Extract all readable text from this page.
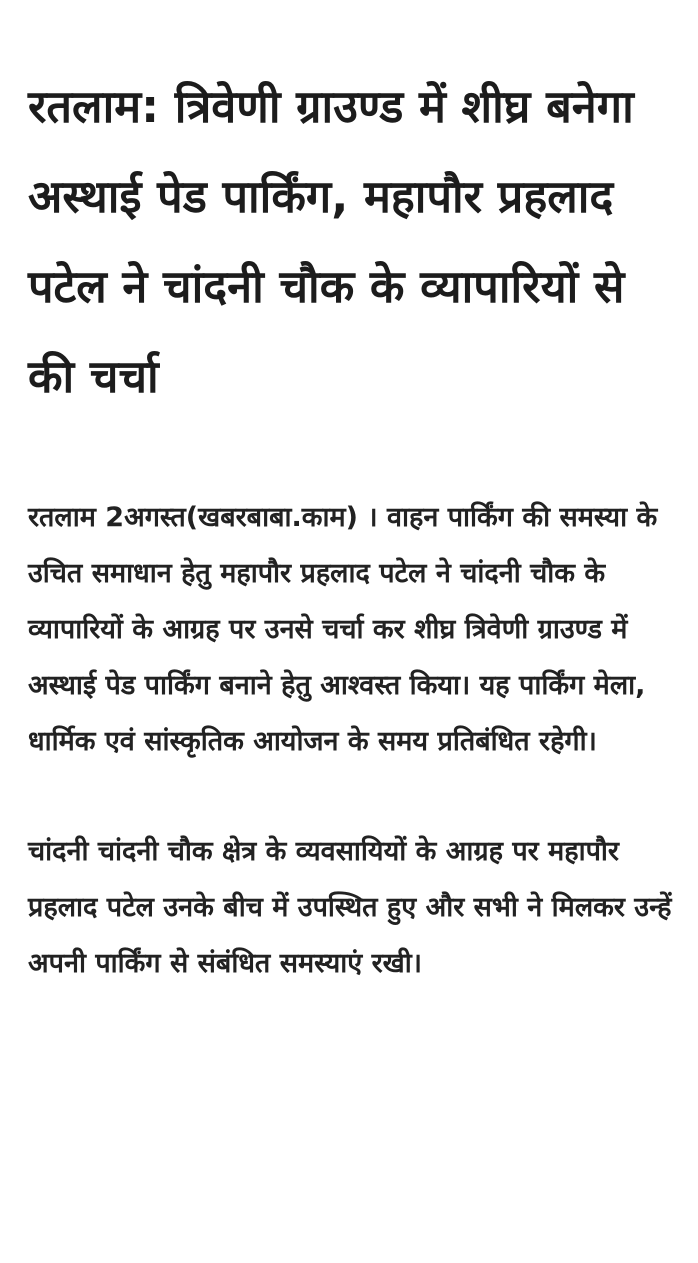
रतलाम: त्रिवेणी ग्राउण्ड में शीघ्र बनेगा अस्थाई पेड पार्किंग, महापौर प्रहलाद पटेल ने चांदनी चौक के व्यापारियों से की चर्चा

रतलाम 2अगस्त(खबरबाबा.काम) । वाहन पार्किंग की समस्या के उचित समाधान हेतु महापौर प्रहलाद पटेल ने चांदनी चौक के व्यापारियों के आग्रह पर उनसे चर्चा कर शीघ्र त्रिवेणी ग्राउण्ड में अस्थाई पेड पार्किंग बनाने हेतु आश्वस्त किया। यह पार्किंग मेला, धार्मिक एवं सांस्कृतिक आयोजन के समय प्रतिबंधित रहेगी।

चांदनी चांदनी चौक क्षेत्र के व्यवसायियों के आग्रह पर महापौर प्रहलाद पटेल उनके बीच में उपस्थित हुए और सभी ने मिलकर उन्हें अपनी पार्किंग से संबंधित समस्याएं रखी।
